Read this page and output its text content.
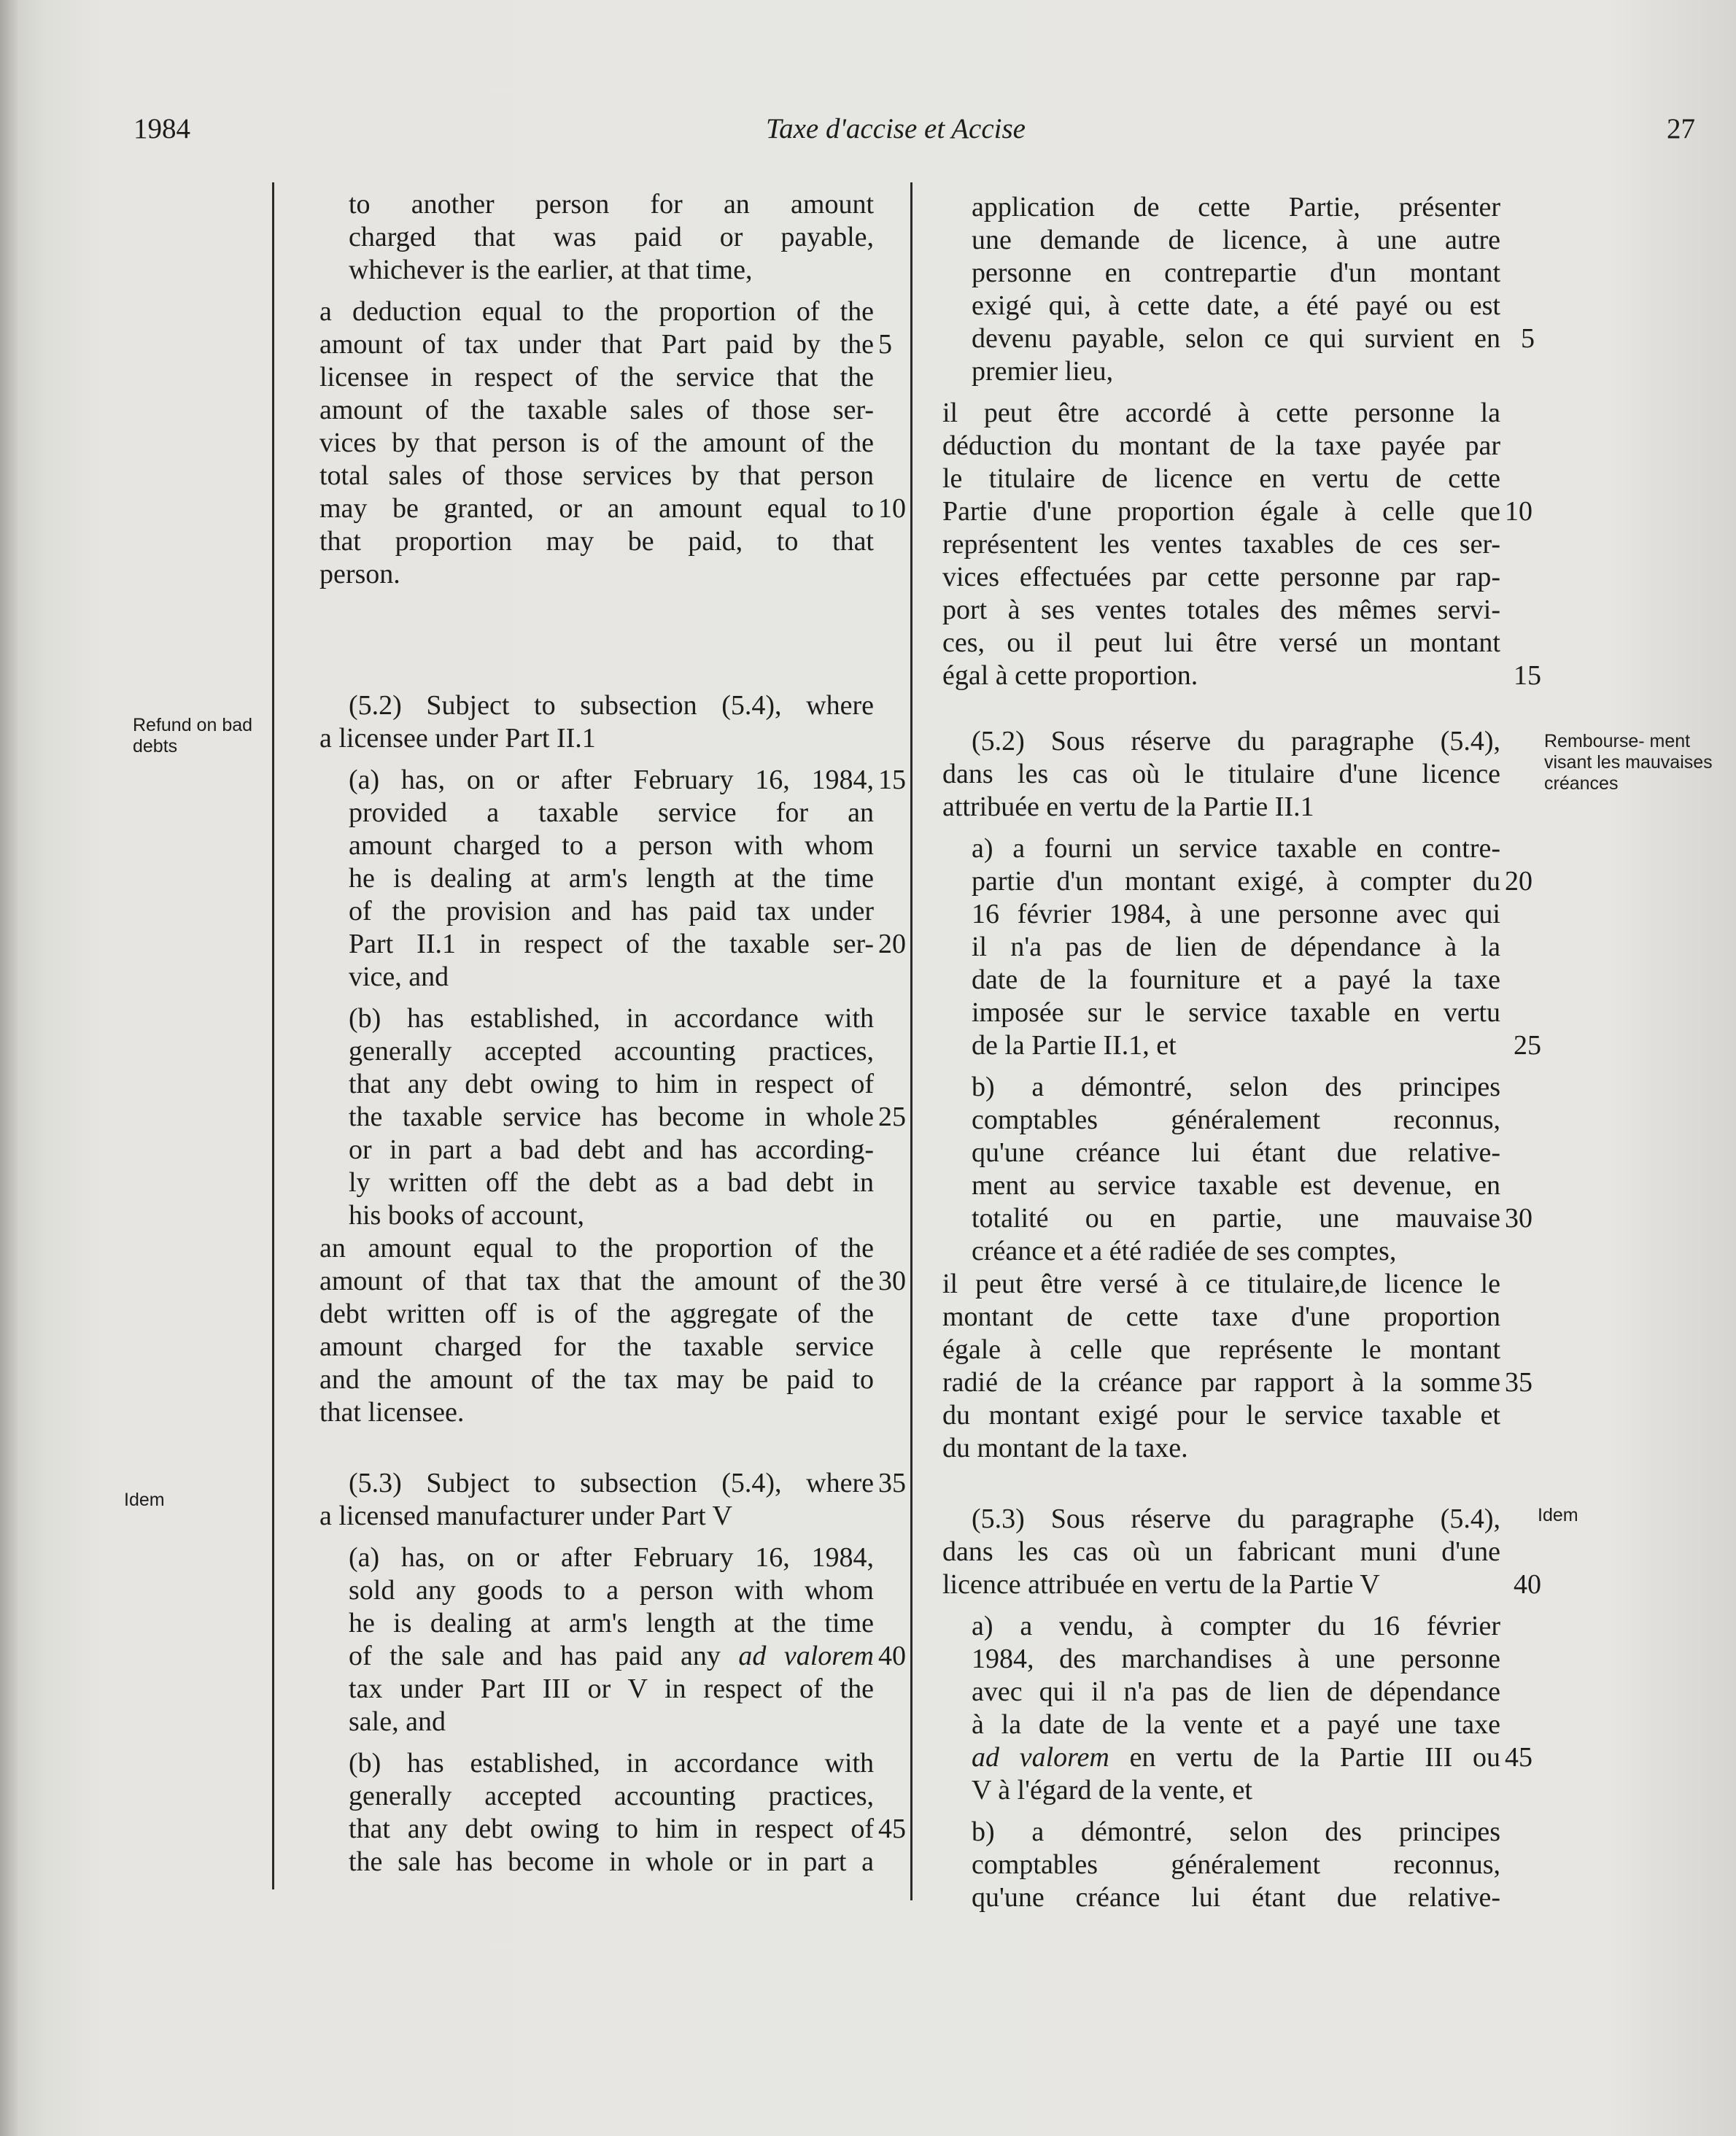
1984	Taxe d'accise et Accise	27
Refund on bad debts
Idem
Rembourse- ment visant les mauvaises créances
Idem

to another person for an amount
charged that was paid or payable,
whichever is the earlier, at that time,

a deduction equal to the proportion of the
amount of tax under that Part paid by the 5
licensee in respect of the service that the
amount of the taxable sales of those ser-
vices by that person is of the amount of the
total sales of those services by that person
may be granted, or an amount equal to 10
that proportion may be paid, to that
person.

(5.2) Subject to subsection (5.4), where
a licensee under Part II.1

(a) has, on or after February 16, 1984, 15
provided a taxable service for an
amount charged to a person with whom
he is dealing at arm's length at the time
of the provision and has paid tax under
Part II.1 in respect of the taxable ser- 20
vice, and

(b) has established, in accordance with
generally accepted accounting practices,
that any debt owing to him in respect of
the taxable service has become in whole 25
or in part a bad debt and has according-
ly written off the debt as a bad debt in
his books of account,

an amount equal to the proportion of the
amount of that tax that the amount of the 30
debt written off is of the aggregate of the
amount charged for the taxable service
and the amount of the tax may be paid to
that licensee.

(5.3) Subject to subsection (5.4), where 35
a licensed manufacturer under Part V

(a) has, on or after February 16, 1984,
sold any goods to a person with whom
he is dealing at arm's length at the time
of the sale and has paid any ad valorem 40
tax under Part III or V in respect of the
sale, and

(b) has established, in accordance with
generally accepted accounting practices,
that any debt owing to him in respect of 45
the sale has become in whole or in part a

application de cette Partie, présenter
une demande de licence, à une autre
personne en contrepartie d'un montant
exigé qui, à cette date, a été payé ou est
devenu payable, selon ce qui survient en 5
premier lieu,

il peut être accordé à cette personne la
déduction du montant de la taxe payée par
le titulaire de licence en vertu de cette
Partie d'une proportion égale à celle que 10
représentent les ventes taxables de ces ser-
vices effectuées par cette personne par rap-
port à ses ventes totales des mêmes servi-
ces, ou il peut lui être versé un montant
égal à cette proportion.	15

(5.2) Sous réserve du paragraphe (5.4),
dans les cas où le titulaire d'une licence
attribuée en vertu de la Partie II.1

a) a fourni un service taxable en contre-
partie d'un montant exigé, à compter du 20
16 février 1984, à une personne avec qui
il n'a pas de lien de dépendance à la
date de la fourniture et a payé la taxe
imposée sur le service taxable en vertu
de la Partie II.1, et	25

b) a démontré, selon des principes
comptables généralement reconnus,
qu'une créance lui étant due relative-
ment au service taxable est devenue, en
totalité ou en partie, une mauvaise 30
créance et a été radiée de ses comptes,

il peut être versé à ce titulaire,de licence le
montant de cette taxe d'une proportion
égale à celle que représente le montant
radié de la créance par rapport à la somme 35
du montant exigé pour le service taxable et
du montant de la taxe.

(5.3) Sous réserve du paragraphe (5.4),
dans les cas où un fabricant muni d'une
licence attribuée en vertu de la Partie V	40

a) a vendu, à compter du 16 février
1984, des marchandises à une personne
avec qui il n'a pas de lien de dépendance
à la date de la vente et a payé une taxe
ad valorem en vertu de la Partie III ou 45
V à l'égard de la vente, et

b) a démontré, selon des principes
comptables généralement reconnus,
qu'une créance lui étant due relative-
